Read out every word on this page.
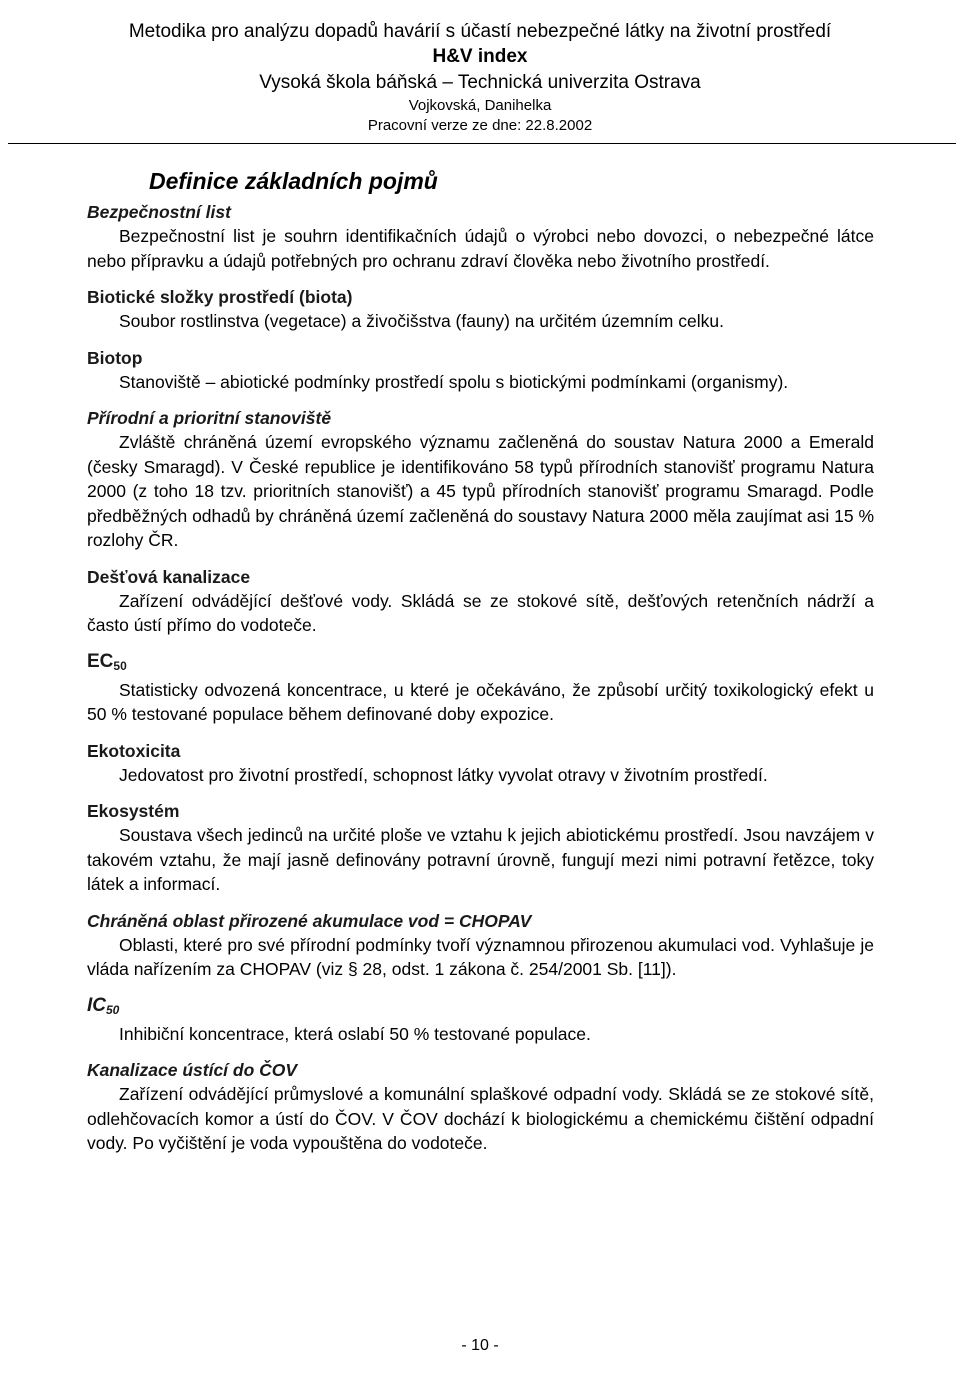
Metodika pro analýzu dopadů havárií s účastí nebezpečné látky na životní prostředí
H&V index
Vysoká škola báňská – Technická univerzita Ostrava
Vojkovská, Danihelka
Pracovní verze ze dne: 22.8.2002
Definice základních pojmů
Bezpečnostní list
Bezpečnostní list je souhrn identifikačních údajů o výrobci nebo dovozci, o nebezpečné látce nebo přípravku a údajů potřebných pro ochranu zdraví člověka nebo životního prostředí.
Biotické složky prostředí (biota)
Soubor rostlinstva (vegetace) a živočišstva (fauny) na určitém územním celku.
Biotop
Stanoviště – abiotické podmínky prostředí spolu s biotickými podmínkami (organismy).
Přírodní a prioritní stanoviště
Zvláště chráněná území evropského významu začleněná do soustav Natura 2000 a Emerald (česky Smaragd). V České republice je identifikováno 58 typů přírodních stanovišť programu Natura 2000 (z toho 18 tzv. prioritních stanovišť) a 45 typů přírodních stanovišť programu Smaragd. Podle předběžných odhadů by chráněná území začleněná do soustavy Natura 2000 měla zaujímat asi 15 % rozlohy ČR.
Dešťová kanalizace
Zařízení odvádějící dešťové vody. Skládá se ze stokové sítě, dešťových retenčních nádrží a často ústí přímo do vodoteče.
$EC_{50}$
Statisticky odvozená koncentrace, u které je očekáváno, že způsobí určitý toxikologický efekt u 50 % testované populace během definované doby expozice.
Ekotoxicita
Jedovatost pro životní prostředí, schopnost látky vyvolat otravy v životním prostředí.
Ekosystém
Soustava všech jedinců na určité ploše ve vztahu k jejich abiotickému prostředí. Jsou navzájem v takovém vztahu, že mají jasně definovány potravní úrovně, fungují mezi nimi potravní řetězce, toky látek a informací.
Chráněná oblast přirozené akumulace vod = CHOPAV
Oblasti, které pro své přírodní podmínky tvoří významnou přirozenou akumulaci vod. Vyhlašuje je vláda nařízením za CHOPAV (viz § 28, odst. 1 zákona č. 254/2001 Sb. [11]).
$IC_{50}$
Inhibiční koncentrace, která oslabí 50 % testované populace.
Kanalizace ústící do ČOV
Zařízení odvádějící průmyslové a komunální splaškové odpadní vody. Skládá se ze stokové sítě, odlehčovacích komor a ústí do ČOV. V ČOV dochází k biologickému a chemickému čištění odpadní vody. Po vyčištění je voda vypouštěna do vodoteče.
- 10 -
